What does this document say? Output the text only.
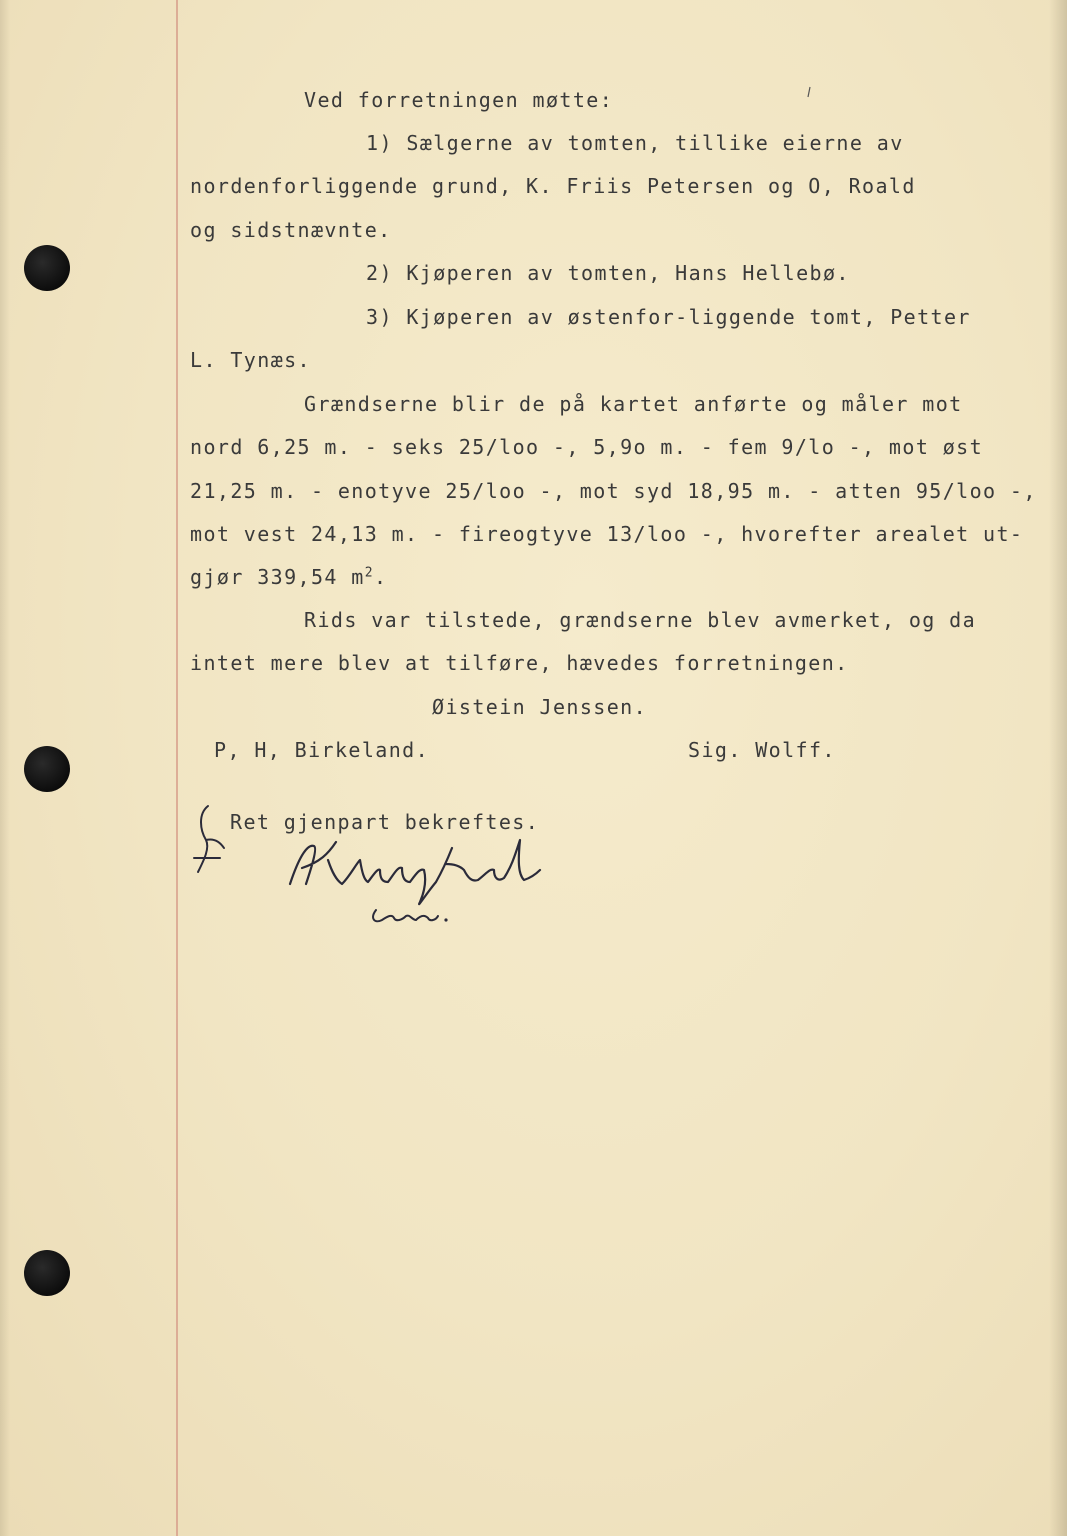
Ved forretningen møtte:
1) Sælgerne av tomten, tillike eierne av
nordenforliggende grund, K. Friis Petersen og O, Roald
og sidstnævnte.
2) Kjøperen av tomten, Hans Hellebø.
3) Kjøperen av østenfor-liggende tomt, Petter
L. Tynæs.
Grændserne blir de på kartet anførte og måler mot
nord 6,25 m. - seks 25/loo -, 5,9o m. - fem 9/lo -, mot øst
21,25 m. - enotyve 25/loo -, mot syd 18,95 m. - atten 95/loo -,
mot vest 24,13 m. - fireogtyve 13/loo -, hvorefter arealet ut-
gjør 339,54 $m^2$.
Rids var tilstede, grændserne blev avmerket, og da
intet mere blev at tilføre, hævedes forretningen.
Øistein Jenssen.
P, H, Birkeland.	Sig. Wolff.
Ret gjenpart bekreftes.
